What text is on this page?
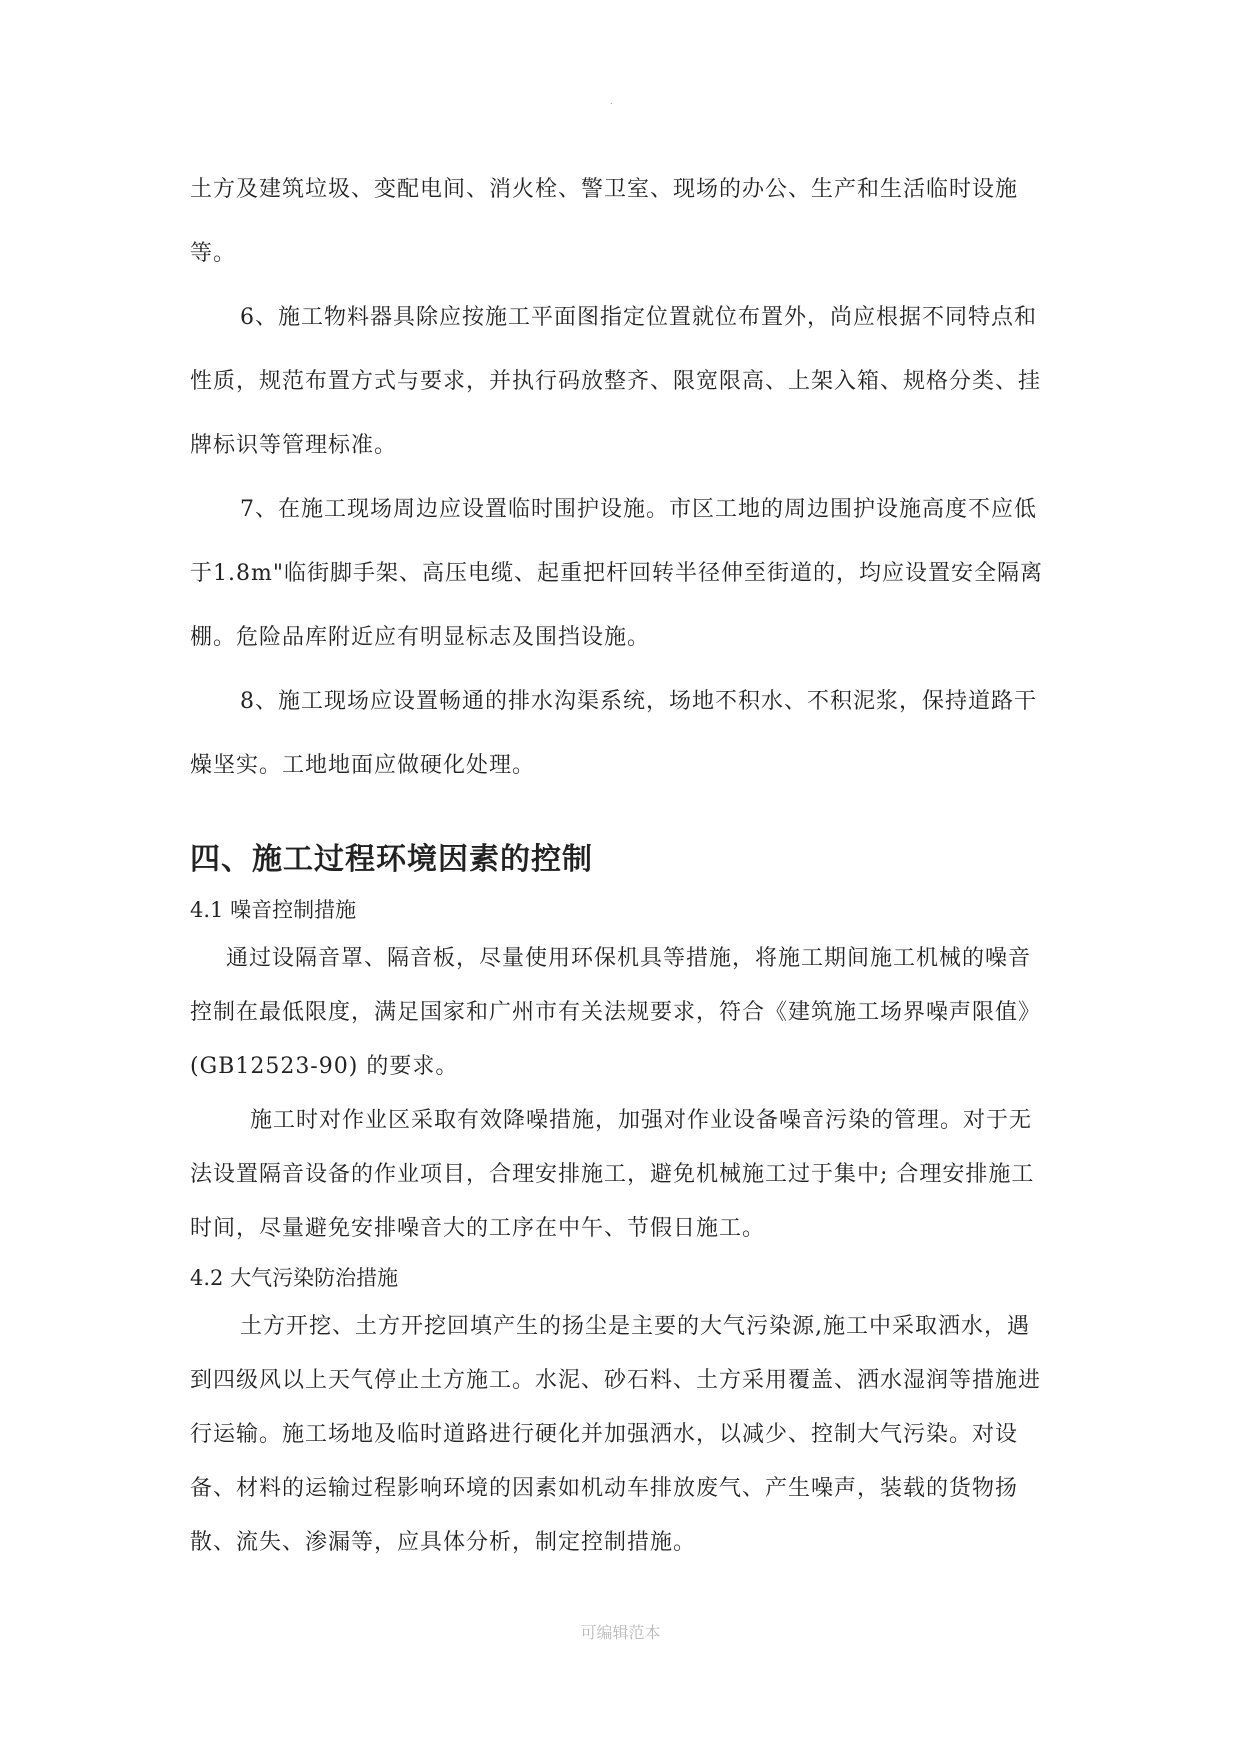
.

土方及建筑垃圾、变配电间、消火栓、警卫室、现场的办公、生产和生活临时设施等。

6、施工物料器具除应按施工平面图指定位置就位布置外，尚应根据不同特点和性质，规范布置方式与要求，并执行码放整齐、限宽限高、上架入箱、规格分类、挂牌标识等管理标准。

7、在施工现场周边应设置临时围护设施。市区工地的周边围护设施高度不应低于1.8m"临街脚手架、高压电缆、起重把杆回转半径伸至街道的，均应设置安全隔离棚。危险品库附近应有明显标志及围挡设施。

8、施工现场应设置畅通的排水沟渠系统，场地不积水、不积泥浆，保持道路干燥坚实。工地地面应做硬化处理。

四、施工过程环境因素的控制

4.1 噪音控制措施

通过设隔音罩、隔音板，尽量使用环保机具等措施，将施工期间施工机械的噪音控制在最低限度，满足国家和广州市有关法规要求，符合《建筑施工场界噪声限值》(GB12523-90) 的要求。

施工时对作业区采取有效降噪措施，加强对作业设备噪音污染的管理。对于无法设置隔音设备的作业项目，合理安排施工，避免机械施工过于集中; 合理安排施工时间，尽量避免安排噪音大的工序在中午、节假日施工。

4.2 大气污染防治措施

土方开挖、土方开挖回填产生的扬尘是主要的大气污染源,施工中采取洒水，遇到四级风以上天气停止土方施工。水泥、砂石料、土方采用覆盖、洒水湿润等措施进行运输。施工场地及临时道路进行硬化并加强洒水，以减少、控制大气污染。对设备、材料的运输过程影响环境的因素如机动车排放废气、产生噪声，装载的货物扬散、流失、渗漏等，应具体分析，制定控制措施。

可编辑范本
